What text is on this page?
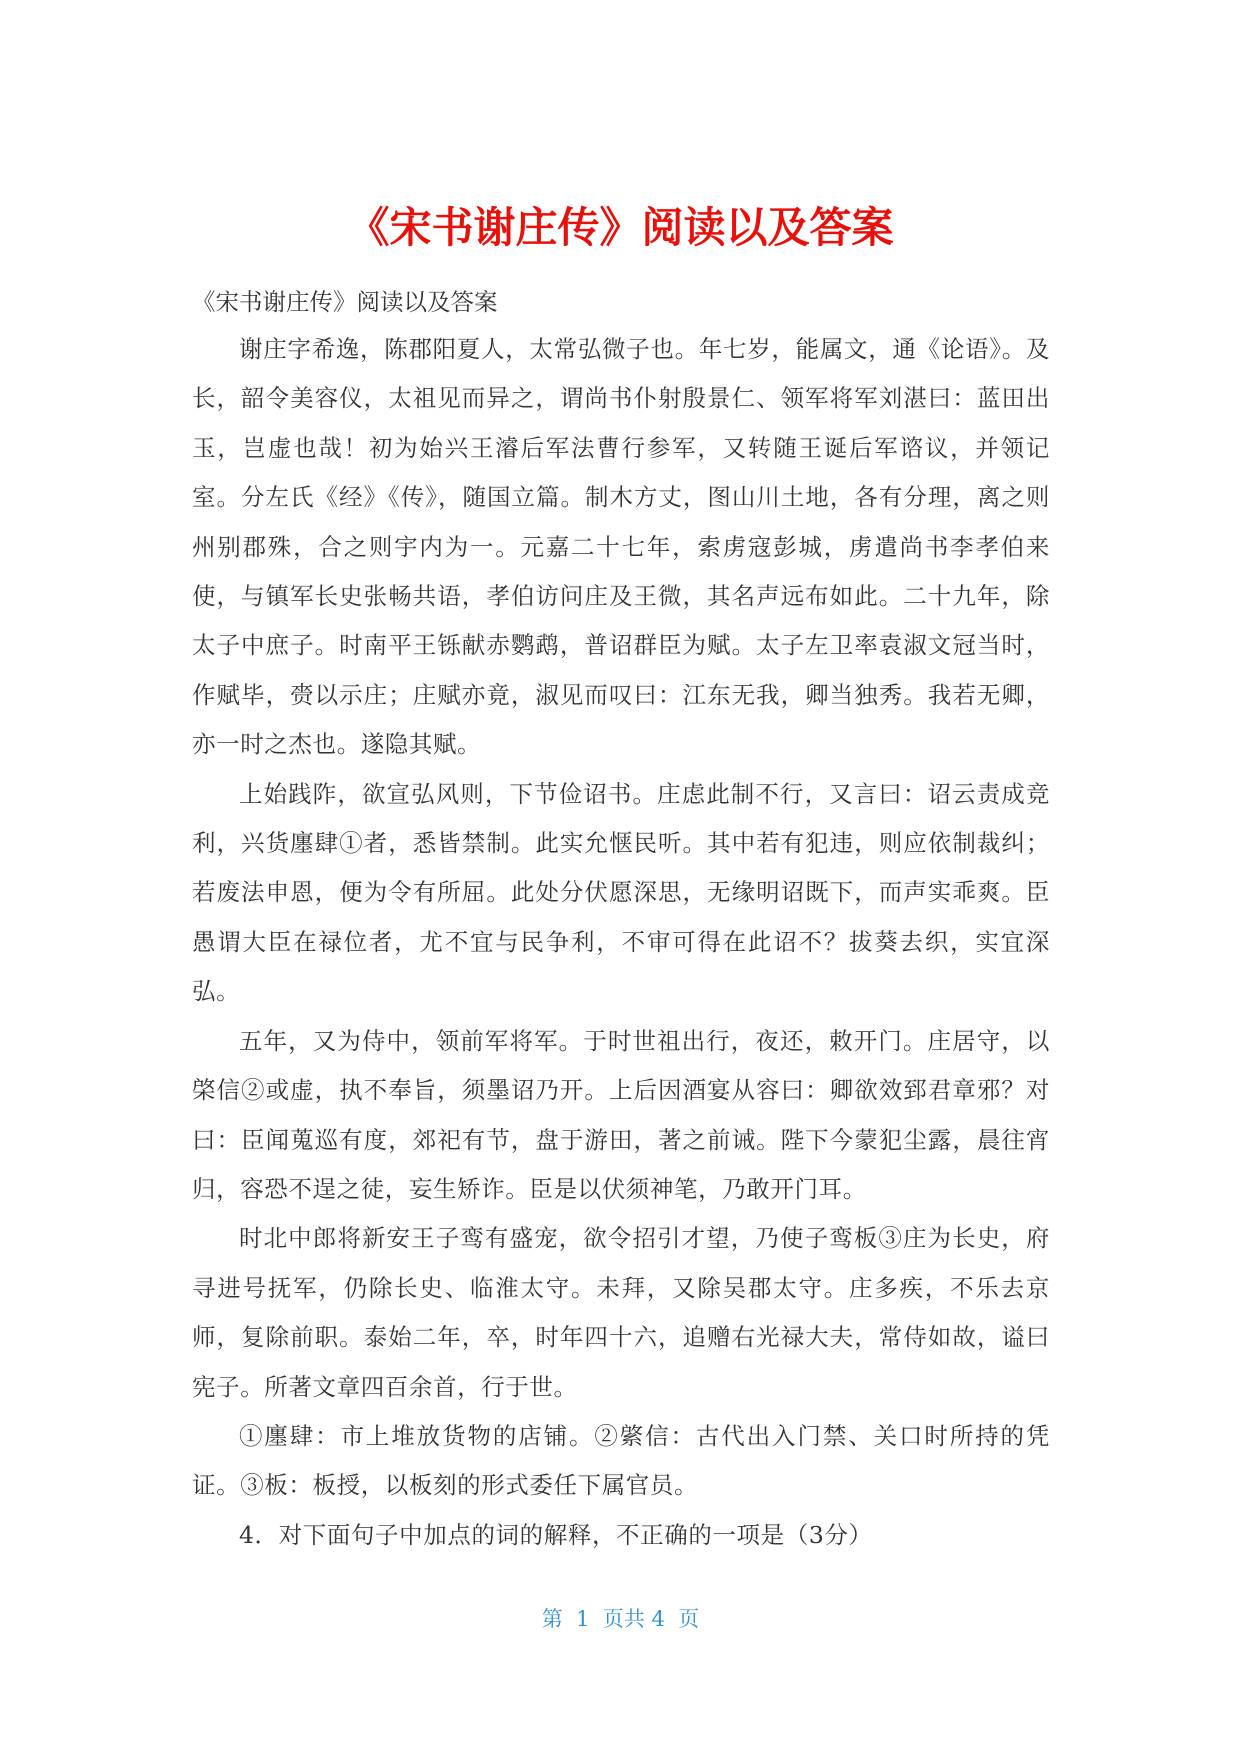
《宋书谢庄传》阅读以及答案

《宋书谢庄传》阅读以及答案

谢庄字希逸，陈郡阳夏人，太常弘微子也。年七岁，能属文，通《论语》。及长，韶令美容仪，太祖见而异之，谓尚书仆射殷景仁、领军将军刘湛曰：蓝田出玉，岂虚也哉！初为始兴王濬后军法曹行参军，又转随王诞后军谘议，并领记室。分左氏《经》《传》，随国立篇。制木方丈，图山川土地，各有分理，离之则州别郡殊，合之则宇内为一。元嘉二十七年，索虏寇彭城，虏遣尚书李孝伯来使，与镇军长史张畅共语，孝伯访问庄及王微，其名声远布如此。二十九年，除太子中庶子。时南平王铄献赤鹦鹉，普诏群臣为赋。太子左卫率袁淑文冠当时，作赋毕，赍以示庄；庄赋亦竟，淑见而叹曰：江东无我，卿当独秀。我若无卿，亦一时之杰也。遂隐其赋。

上始践阼，欲宣弘风则，下节俭诏书。庄虑此制不行，又言曰：诏云责成竞利，兴货廛肆①者，悉皆禁制。此实允惬民听。其中若有犯违，则应依制裁纠；若废法申恩，便为令有所屈。此处分伏愿深思，无缘明诏既下，而声实乖爽。臣愚谓大臣在禄位者，尤不宜与民争利，不审可得在此诏不？拔葵去织，实宜深弘。

五年，又为侍中，领前军将军。于时世祖出行，夜还，敕开门。庄居守，以棨信②或虚，执不奉旨，须墨诏乃开。上后因酒宴从容曰：卿欲效郅君章邪？对曰：臣闻蒐巡有度，郊祀有节，盘于游田，著之前诫。陛下今蒙犯尘露，晨往宵归，容恐不逞之徒，妄生矫诈。臣是以伏须神笔，乃敢开门耳。

时北中郎将新安王子鸾有盛宠，欲令招引才望，乃使子鸾板③庄为长史，府寻进号抚军，仍除长史、临淮太守。未拜，又除吴郡太守。庄多疾，不乐去京师，复除前职。泰始二年，卒，时年四十六，追赠右光禄大夫，常侍如故，谥曰宪子。所著文章四百余首，行于世。

①廛肆：市上堆放货物的店铺。②綮信：古代出入门禁、关口时所持的凭证。③板：板授，以板刻的形式委任下属官员。

4．对下面句子中加点的词的解释，不正确的一项是（3分）

第  1  页共 4  页
